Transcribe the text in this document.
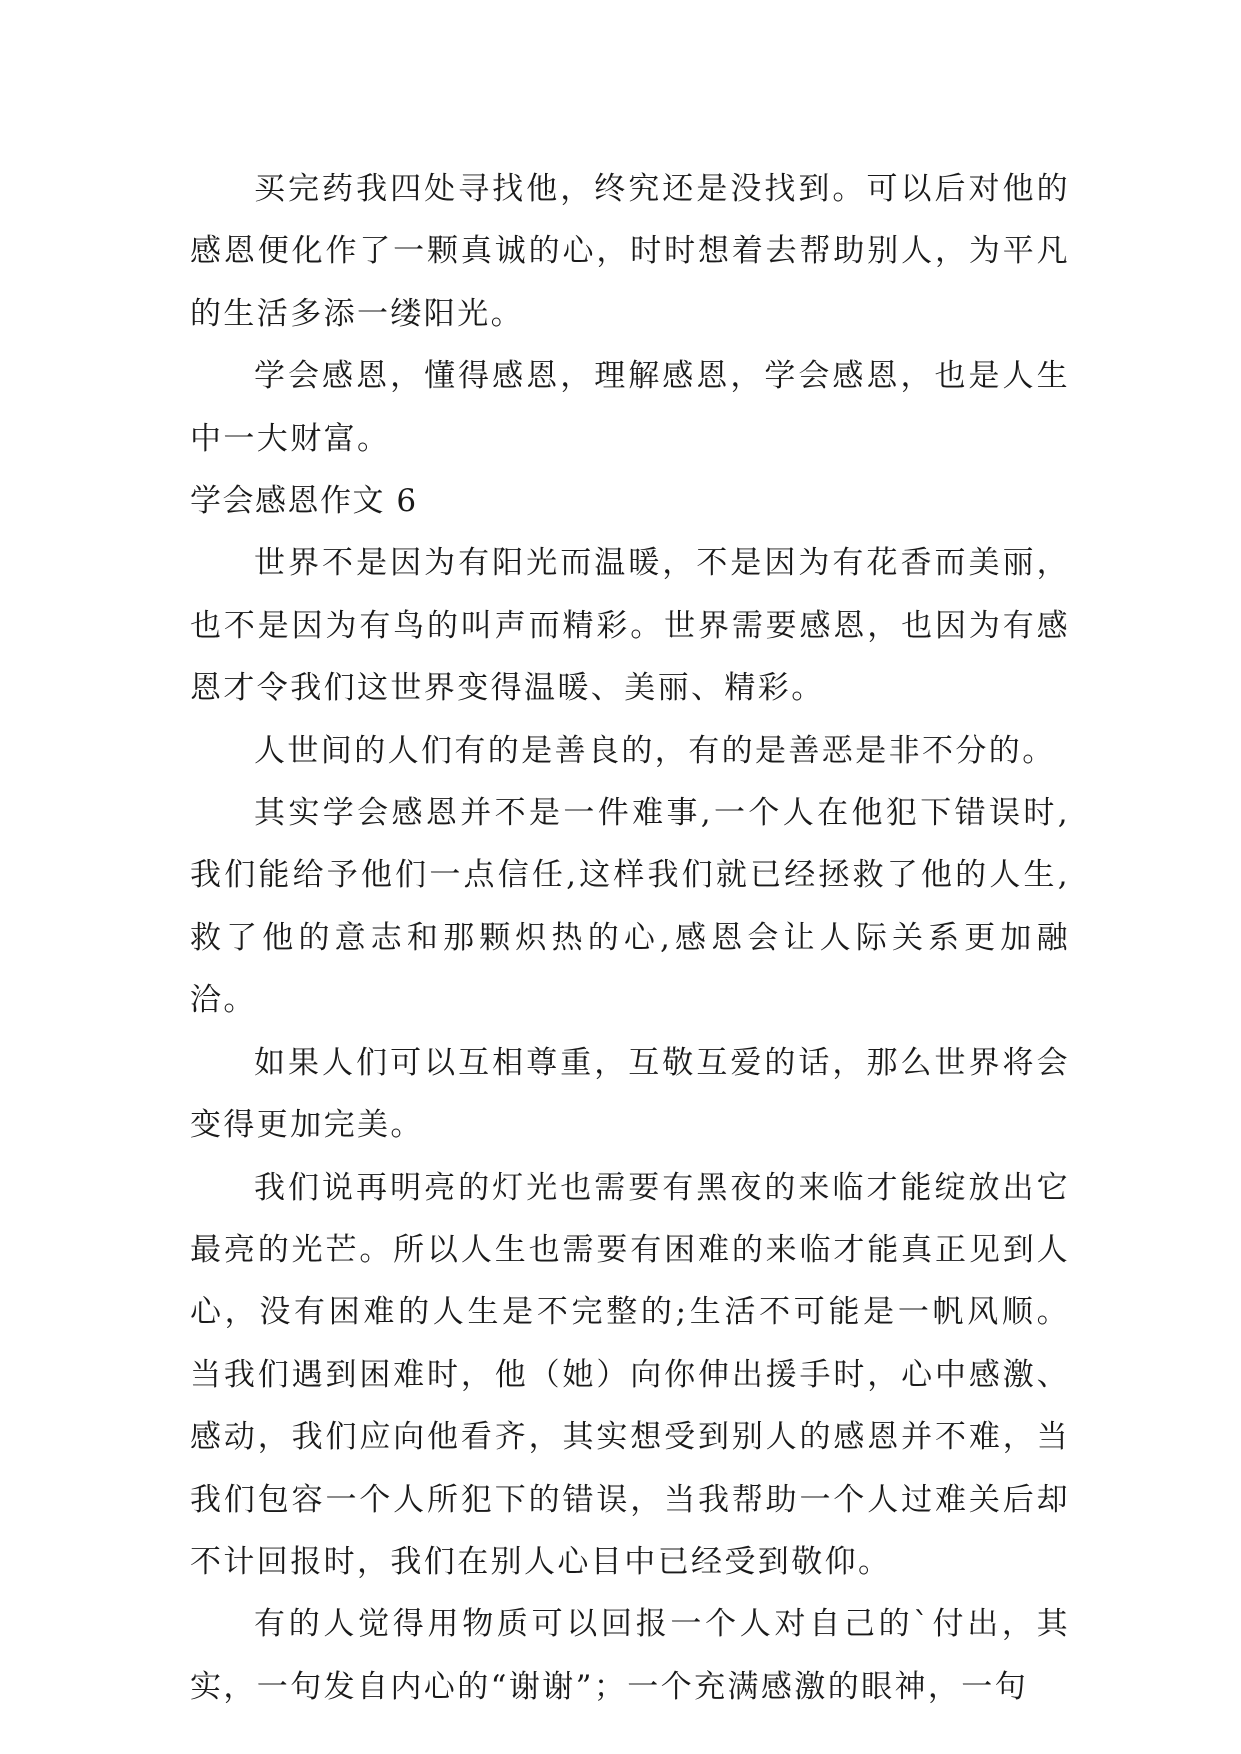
买完药我四处寻找他，终究还是没找到。可以后对他的感恩便化作了一颗真诚的心，时时想着去帮助别人，为平凡的生活多添一缕阳光。

学会感恩，懂得感恩，理解感恩，学会感恩，也是人生中一大财富。

学会感恩作文 6

世界不是因为有阳光而温暖，不是因为有花香而美丽，也不是因为有鸟的叫声而精彩。世界需要感恩，也因为有感恩才令我们这世界变得温暖、美丽、精彩。

人世间的人们有的是善良的，有的是善恶是非不分的。

其实学会感恩并不是一件难事,一个人在他犯下错误时,我们能给予他们一点信任,这样我们就已经拯救了他的人生,救了他的意志和那颗炽热的心,感恩会让人际关系更加融洽。

如果人们可以互相尊重，互敬互爱的话，那么世界将会变得更加完美。

我们说再明亮的灯光也需要有黑夜的来临才能绽放出它最亮的光芒。所以人生也需要有困难的来临才能真正见到人心，没有困难的人生是不完整的;生活不可能是一帆风顺。当我们遇到困难时，他（她）向你伸出援手时，心中感激、感动，我们应向他看齐，其实想受到别人的感恩并不难，当我们包容一个人所犯下的错误，当我帮助一个人过难关后却不计回报时，我们在别人心目中已经受到敬仰。

有的人觉得用物质可以回报一个人对自己的`付出，其实，一句发自内心的“谢谢”；一个充满感激的眼神，一句
